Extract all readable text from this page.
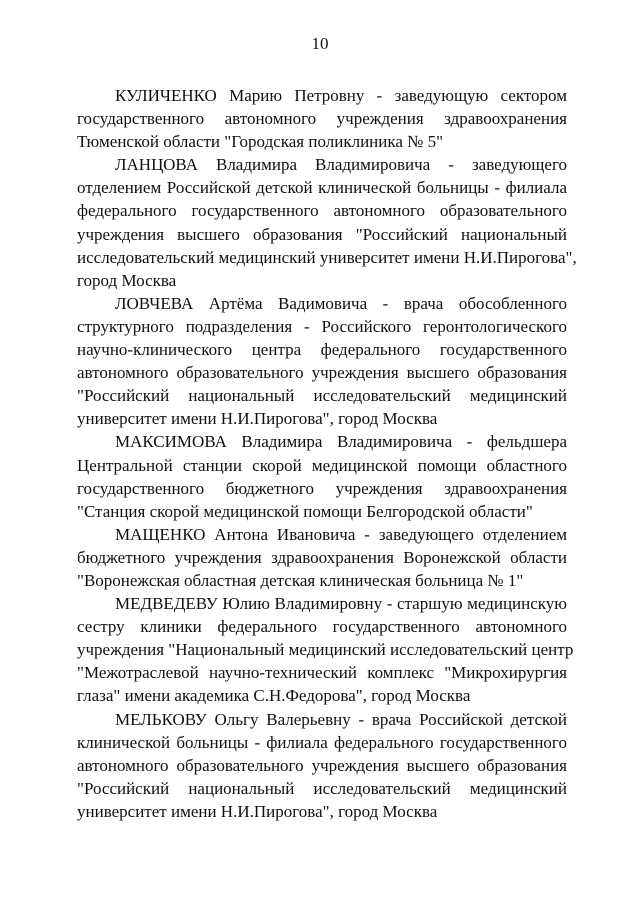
10
КУЛИЧЕНКО Марию Петровну - заведующую сектором
государственного автономного учреждения здравоохранения
Тюменской области "Городская поликлиника № 5"
ЛАНЦОВА Владимира Владимировича - заведующего
отделением Российской детской клинической больницы - филиала
федерального государственного автономного образовательного
учреждения высшего образования "Российский национальный
исследовательский медицинский университет имени Н.И.Пирогова",
город Москва
ЛОВЧЕВА Артёма Вадимовича - врача обособленного
структурного подразделения - Российского геронтологического
научно-клинического центра федерального государственного
автономного образовательного учреждения высшего образования
"Российский национальный исследовательский медицинский
университет имени Н.И.Пирогова", город Москва
МАКСИМОВА Владимира Владимировича - фельдшера
Центральной станции скорой медицинской помощи областного
государственного бюджетного учреждения здравоохранения
"Станция скорой медицинской помощи Белгородской области"
МАЩЕНКО Антона Ивановича - заведующего отделением
бюджетного учреждения здравоохранения Воронежской области
"Воронежская областная детская клиническая больница № 1"
МЕДВЕДЕВУ Юлию Владимировну - старшую медицинскую
сестру клиники федерального государственного автономного
учреждения "Национальный медицинский исследовательский центр
"Межотраслевой научно-технический комплекс "Микрохирургия
глаза" имени академика С.Н.Федорова", город Москва
МЕЛЬКОВУ Ольгу Валерьевну - врача Российской детской
клинической больницы - филиала федерального государственного
автономного образовательного учреждения высшего образования
"Российский национальный исследовательский медицинский
университет имени Н.И.Пирогова", город Москва
